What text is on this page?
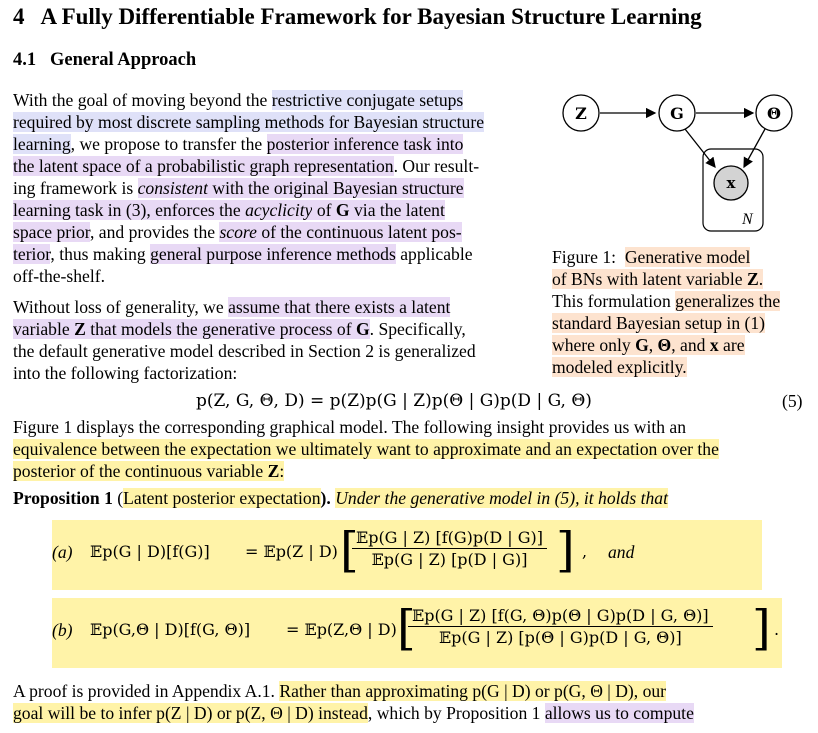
4 A Fully Differentiable Framework for Bayesian Structure Learning
4.1 General Approach
With the goal of moving beyond the restrictive conjugate setups
required by most discrete sampling methods for Bayesian structure
learning, we propose to transfer the posterior inference task into
the latent space of a probabilistic graph representation. Our result-
ing framework is consistent with the original Bayesian structure
learning task in (3), enforces the acyclicity of G via the latent
space prior, and provides the score of the continuous latent pos-
terior, thus making general purpose inference methods applicable
off-the-shelf.
Without loss of generality, we assume that there exists a latent
variable Z that models the generative process of G. Specifically,
the default generative model described in Section 2 is generalized
into the following factorization:
N
Z	G	Θ
x
Figure 1: Generative model
of BNs with latent variable Z.
This formulation generalizes the
standard Bayesian setup in (1)
where only G, Θ, and x are
modeled explicitly.
p(Z, G, Θ, D) = p(Z)p(G | Z)p(Θ | G)p(D | G, Θ)	(5)
Figure 1 displays the corresponding graphical model. The following insight provides us with an
equivalence between the expectation we ultimately want to approximate and an expectation over the
posterior of the continuous variable Z:
Proposition 1 (Latent posterior expectation). Under the generative model in (5), it holds that
(a) 𝔼p(G | D)[f(G)] = 𝔼p(Z | D) [
𝔼p(G | Z) [f(G)p(D | G)]
𝔼p(G | Z) [p(D | G)] ] , and
(b) 𝔼p(G,Θ | D)[f(G, Θ)] = 𝔼p(Z,Θ | D) [
𝔼p(G | Z) [f(G, Θ)p(Θ | G)p(D | G, Θ)]
𝔼p(G | Z) [p(Θ | G)p(D | G, Θ)]	] .
A proof is provided in Appendix A.1. Rather than approximating p(G | D) or p(G, Θ | D), our
goal will be to infer p(Z | D) or p(Z, Θ | D) instead, which by Proposition 1 allows us to compute
